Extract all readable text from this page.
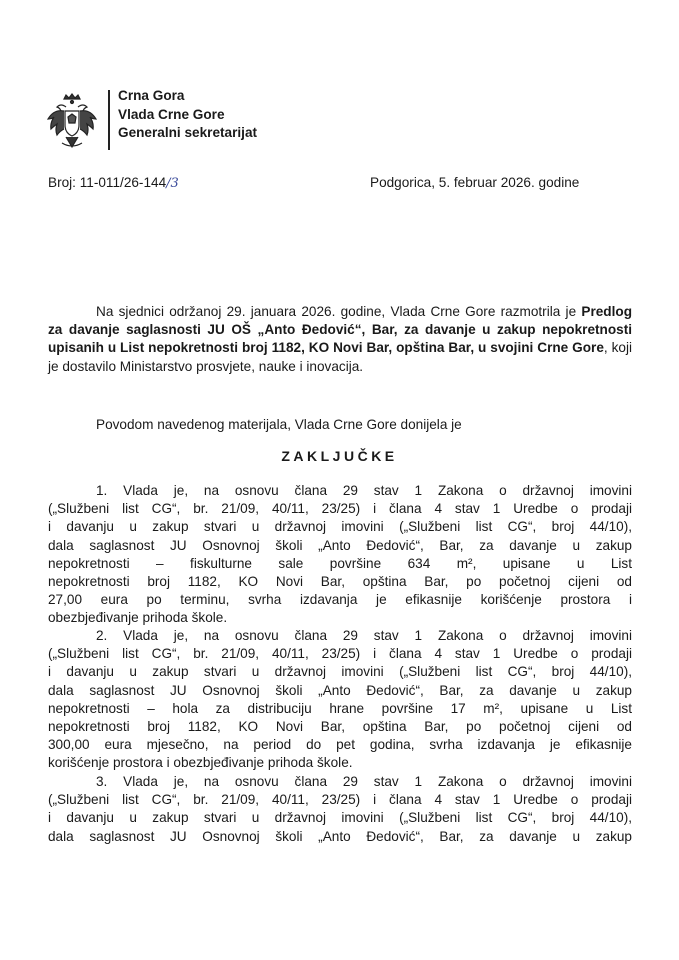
Crna Gora
Vlada Crne Gore
Generalni sekretarijat
Broj: 11-011/26-144/3	Podgorica, 5. februar 2026. godine
Na sjednici održanoj 29. januara 2026. godine, Vlada Crne Gore razmotrila je Predlog za davanje saglasnosti JU OŠ „Anto Đedović“, Bar, za davanje u zakup nepokretnosti upisanih u List nepokretnosti broj 1182, KO Novi Bar, opština Bar, u svojini Crne Gore, koji je dostavilo Ministarstvo prosvjete, nauke i inovacija.
Povodom navedenog materijala, Vlada Crne Gore donijela je
ZAKLJUČKE
1. Vlada je, na osnovu člana 29 stav 1 Zakona o državnoj imovini
(„Službeni list CG“, br. 21/09, 40/11, 23/25) i člana 4 stav 1 Uredbe o prodaji
i davanju u zakup stvari u državnoj imovini („Službeni list CG“, broj 44/10),
dala saglasnost JU Osnovnoj školi „Anto Đedović“, Bar, za davanje u zakup
nepokretnosti – fiskulturne sale površine 634 m², upisane u List
nepokretnosti broj 1182, KO Novi Bar, opština Bar, po početnoj cijeni od
27,00 eura po terminu, svrha izdavanja je efikasnije korišćenje prostora i
obezbjeđivanje prihoda škole.
2. Vlada je, na osnovu člana 29 stav 1 Zakona o državnoj imovini
(„Službeni list CG“, br. 21/09, 40/11, 23/25) i člana 4 stav 1 Uredbe o prodaji
i davanju u zakup stvari u državnoj imovini („Službeni list CG“, broj 44/10),
dala saglasnost JU Osnovnoj školi „Anto Đedović“, Bar, za davanje u zakup
nepokretnosti – hola za distribuciju hrane površine 17 m², upisane u List
nepokretnosti broj 1182, KO Novi Bar, opština Bar, po početnoj cijeni od
300,00 eura mjesečno, na period do pet godina, svrha izdavanja je efikasnije
korišćenje prostora i obezbjeđivanje prihoda škole.
3. Vlada je, na osnovu člana 29 stav 1 Zakona o državnoj imovini
(„Službeni list CG“, br. 21/09, 40/11, 23/25) i člana 4 stav 1 Uredbe o prodaji
i davanju u zakup stvari u državnoj imovini („Službeni list CG“, broj 44/10),
dala saglasnost JU Osnovnoj školi „Anto Đedović“, Bar, za davanje u zakup
